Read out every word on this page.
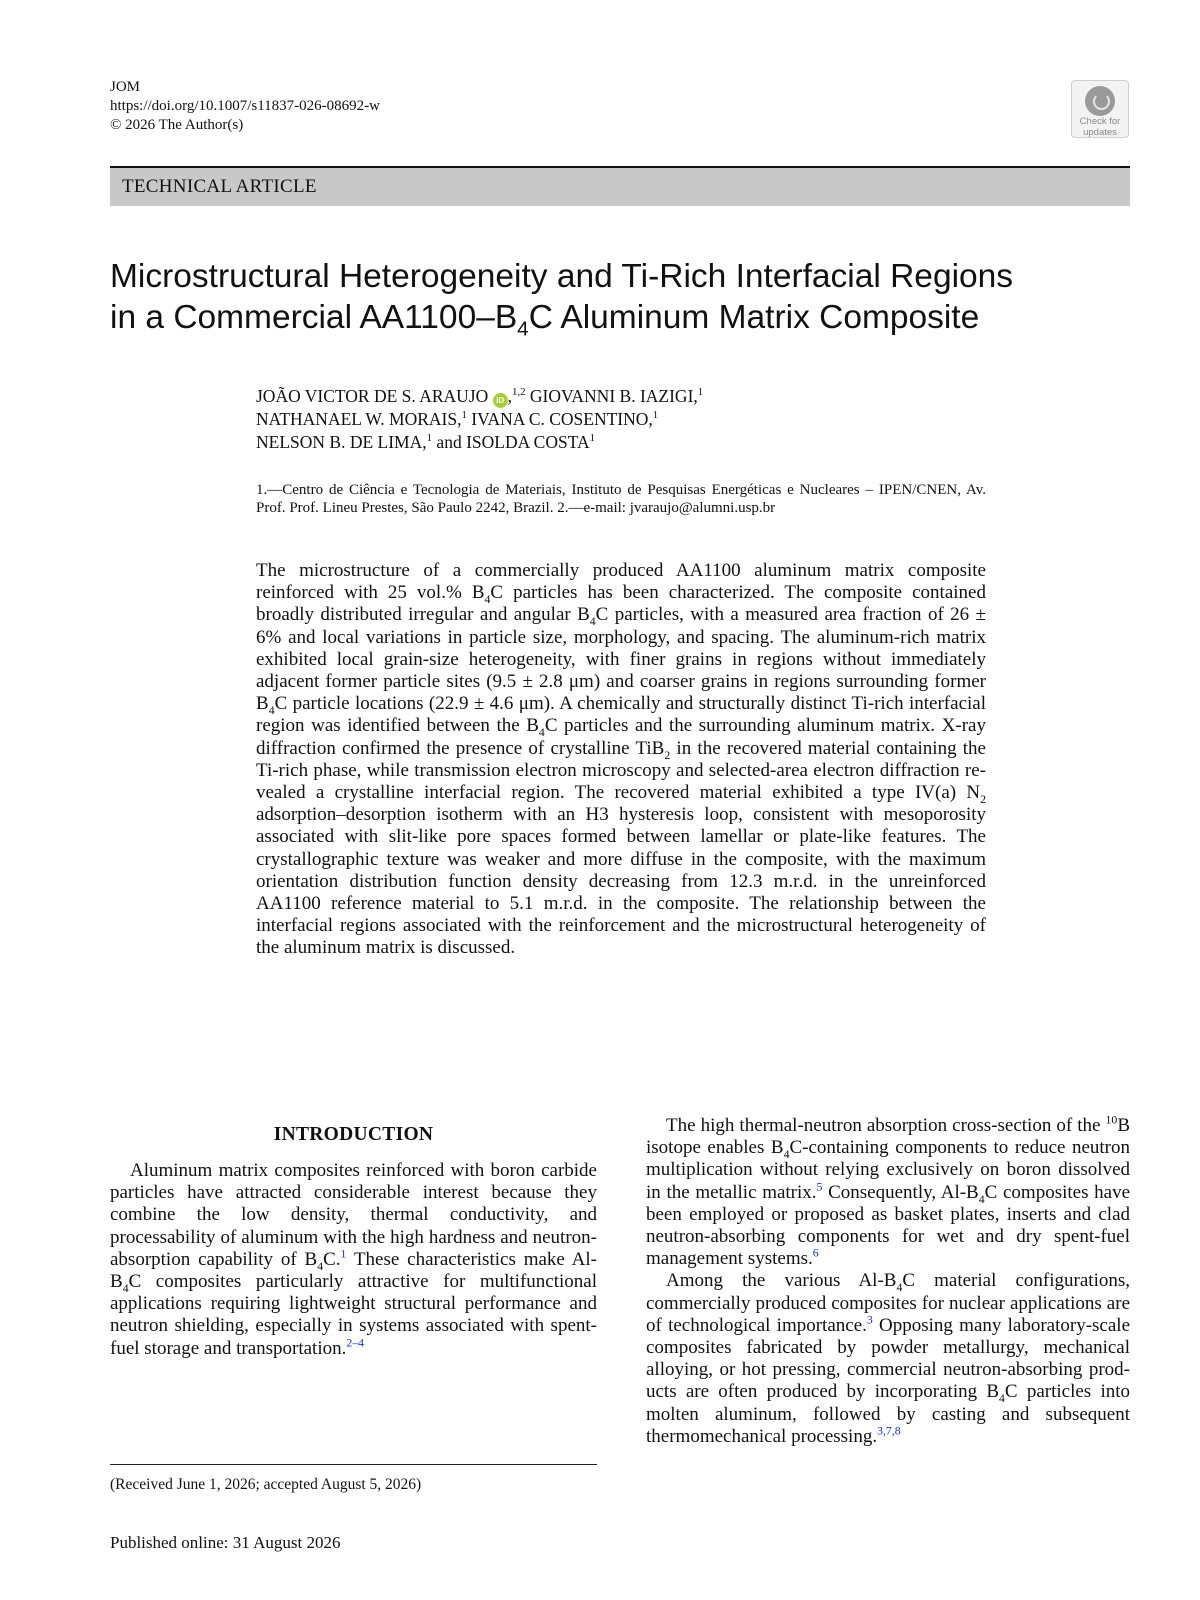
JOM
https://doi.org/10.1007/s11837-026-08692-w
© 2026 The Author(s)	Check for
updates
TECHNICAL ARTICLE
Microstructural Heterogeneity and Ti-Rich Interfacial Regions
in a Commercial $AA1100-B_4C$ Aluminum Matrix Composite
JOÃO VICTOR DE S. ARAUJO iD ,$^{1,2}$ GIOVANNI B. IAZIGI,$^1$
NATHANAEL W. MORAIS,$^1$ IVANA C. COSENTINO,$^1$
NELSON B. DE LIMA,$^1$ and ISOLDA COSTA$^1$
1.—Centro de Ciência e Tecnologia de Materiais, Instituto de Pesquisas Energéticas e Nucleares – IPEN/CNEN, Av. Prof. Prof. Lineu Prestes, São Paulo 2242, Brazil. 2.—e-mail: jvaraujo@alumni.usp.br
The microstructure of a commercially produced AA1100 aluminum matrix composite reinforced with 25 vol.% $B_4C$ particles has been characterized. The composite contained broadly distributed irregular and angular $B_4C$ particles, with a measured area fraction of 26 ± 6% and local variations in particle size, morphology, and spacing. The aluminum-rich matrix exhibited local grain-size heterogeneity, with finer grains in regions without immediately adjacent former particle sites (9.5 ± 2.8 μm) and coarser grains in regions surrounding former $B_4C$ particle locations (22.9 ± 4.6 μm). A chemically and structurally distinct Ti-rich interfacial region was identified between the $B_4C$ particles and the surrounding aluminum matrix. X-ray diffraction confirmed the presence of crystalline TiB$_2$ in the recovered material containing the Ti-rich phase, while transmission electron microscopy and selected-area electron diffraction revealed a crystalline interfacial region. The recovered material exhibited a type IV(a) $N_2$ adsorption–desorption isotherm with an H3 hysteresis loop, consistent with mesoporosity associated with slit-like pore spaces formed between lamellar or plate-like features. The crystallographic texture was weaker and more diffuse in the composite, with the maximum orientation distribution function density decreasing from 12.3 m.r.d. in the unreinforced AA1100 reference material to 5.1 m.r.d. in the composite. The relationship between the interfacial regions associated with the reinforcement and the microstructural heterogeneity of the aluminum matrix is discussed.
INTRODUCTION
Aluminum matrix composites reinforced with boron carbide particles have attracted considerable interest because they combine the low density, thermal conductivity, and processability of aluminum with the high hardness and neutron-absorption capability of $B_4C.^1$ These characteristics make $Al-B_4C$ composites particularly attractive for multifunctional applications requiring lightweight structural performance and neutron shielding, especially in systems associated with spent-fuel storage and transportation.$^{2-4}$
The high thermal-neutron absorption cross-section of the $^{10}$B isotope enables $B_4C$-containing components to reduce neutron multiplication without relying exclusively on boron dissolved in the metallic matrix.$^5$ Consequently, $Al-B_4C$ composites have been employed or proposed as basket plates, inserts and clad neutron-absorbing components for wet and dry spent-fuel management systems.$^6$
Among the various $Al-B_4C$ material configurations, commercially produced composites for nuclear applications are of technological importance.$^3$ Opposing many laboratory-scale composites fabricated by powder metallurgy, mechanical alloying, or hot pressing, commercial neutron-absorbing products are often produced by incorporating $B_4C$ particles into molten aluminum, followed by casting and subsequent thermomechanical processing.$^{3,7,8}$
(Received June 1, 2026; accepted August 5, 2026)
Published online: 31 August 2026
